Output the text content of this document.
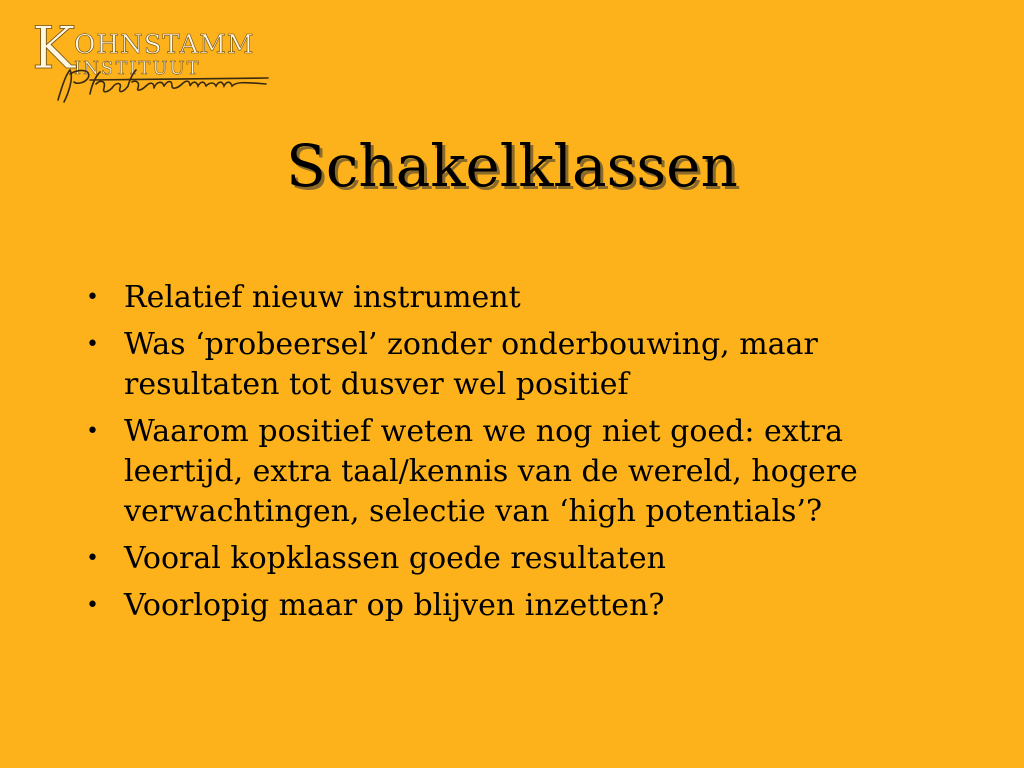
K
OHNSTAMM
INSTITUUT
Schakelklassen
• Relatief nieuw instrument
• Was ‘probeersel’ zonder onderbouwing, maar resultaten tot dusver wel positief
• Waarom positief weten we nog niet goed: extra leertijd, extra taal/kennis van de wereld, hogere verwachtingen, selectie van ‘high potentials’?
• Vooral kopklassen goede resultaten
• Voorlopig maar op blijven inzetten?
